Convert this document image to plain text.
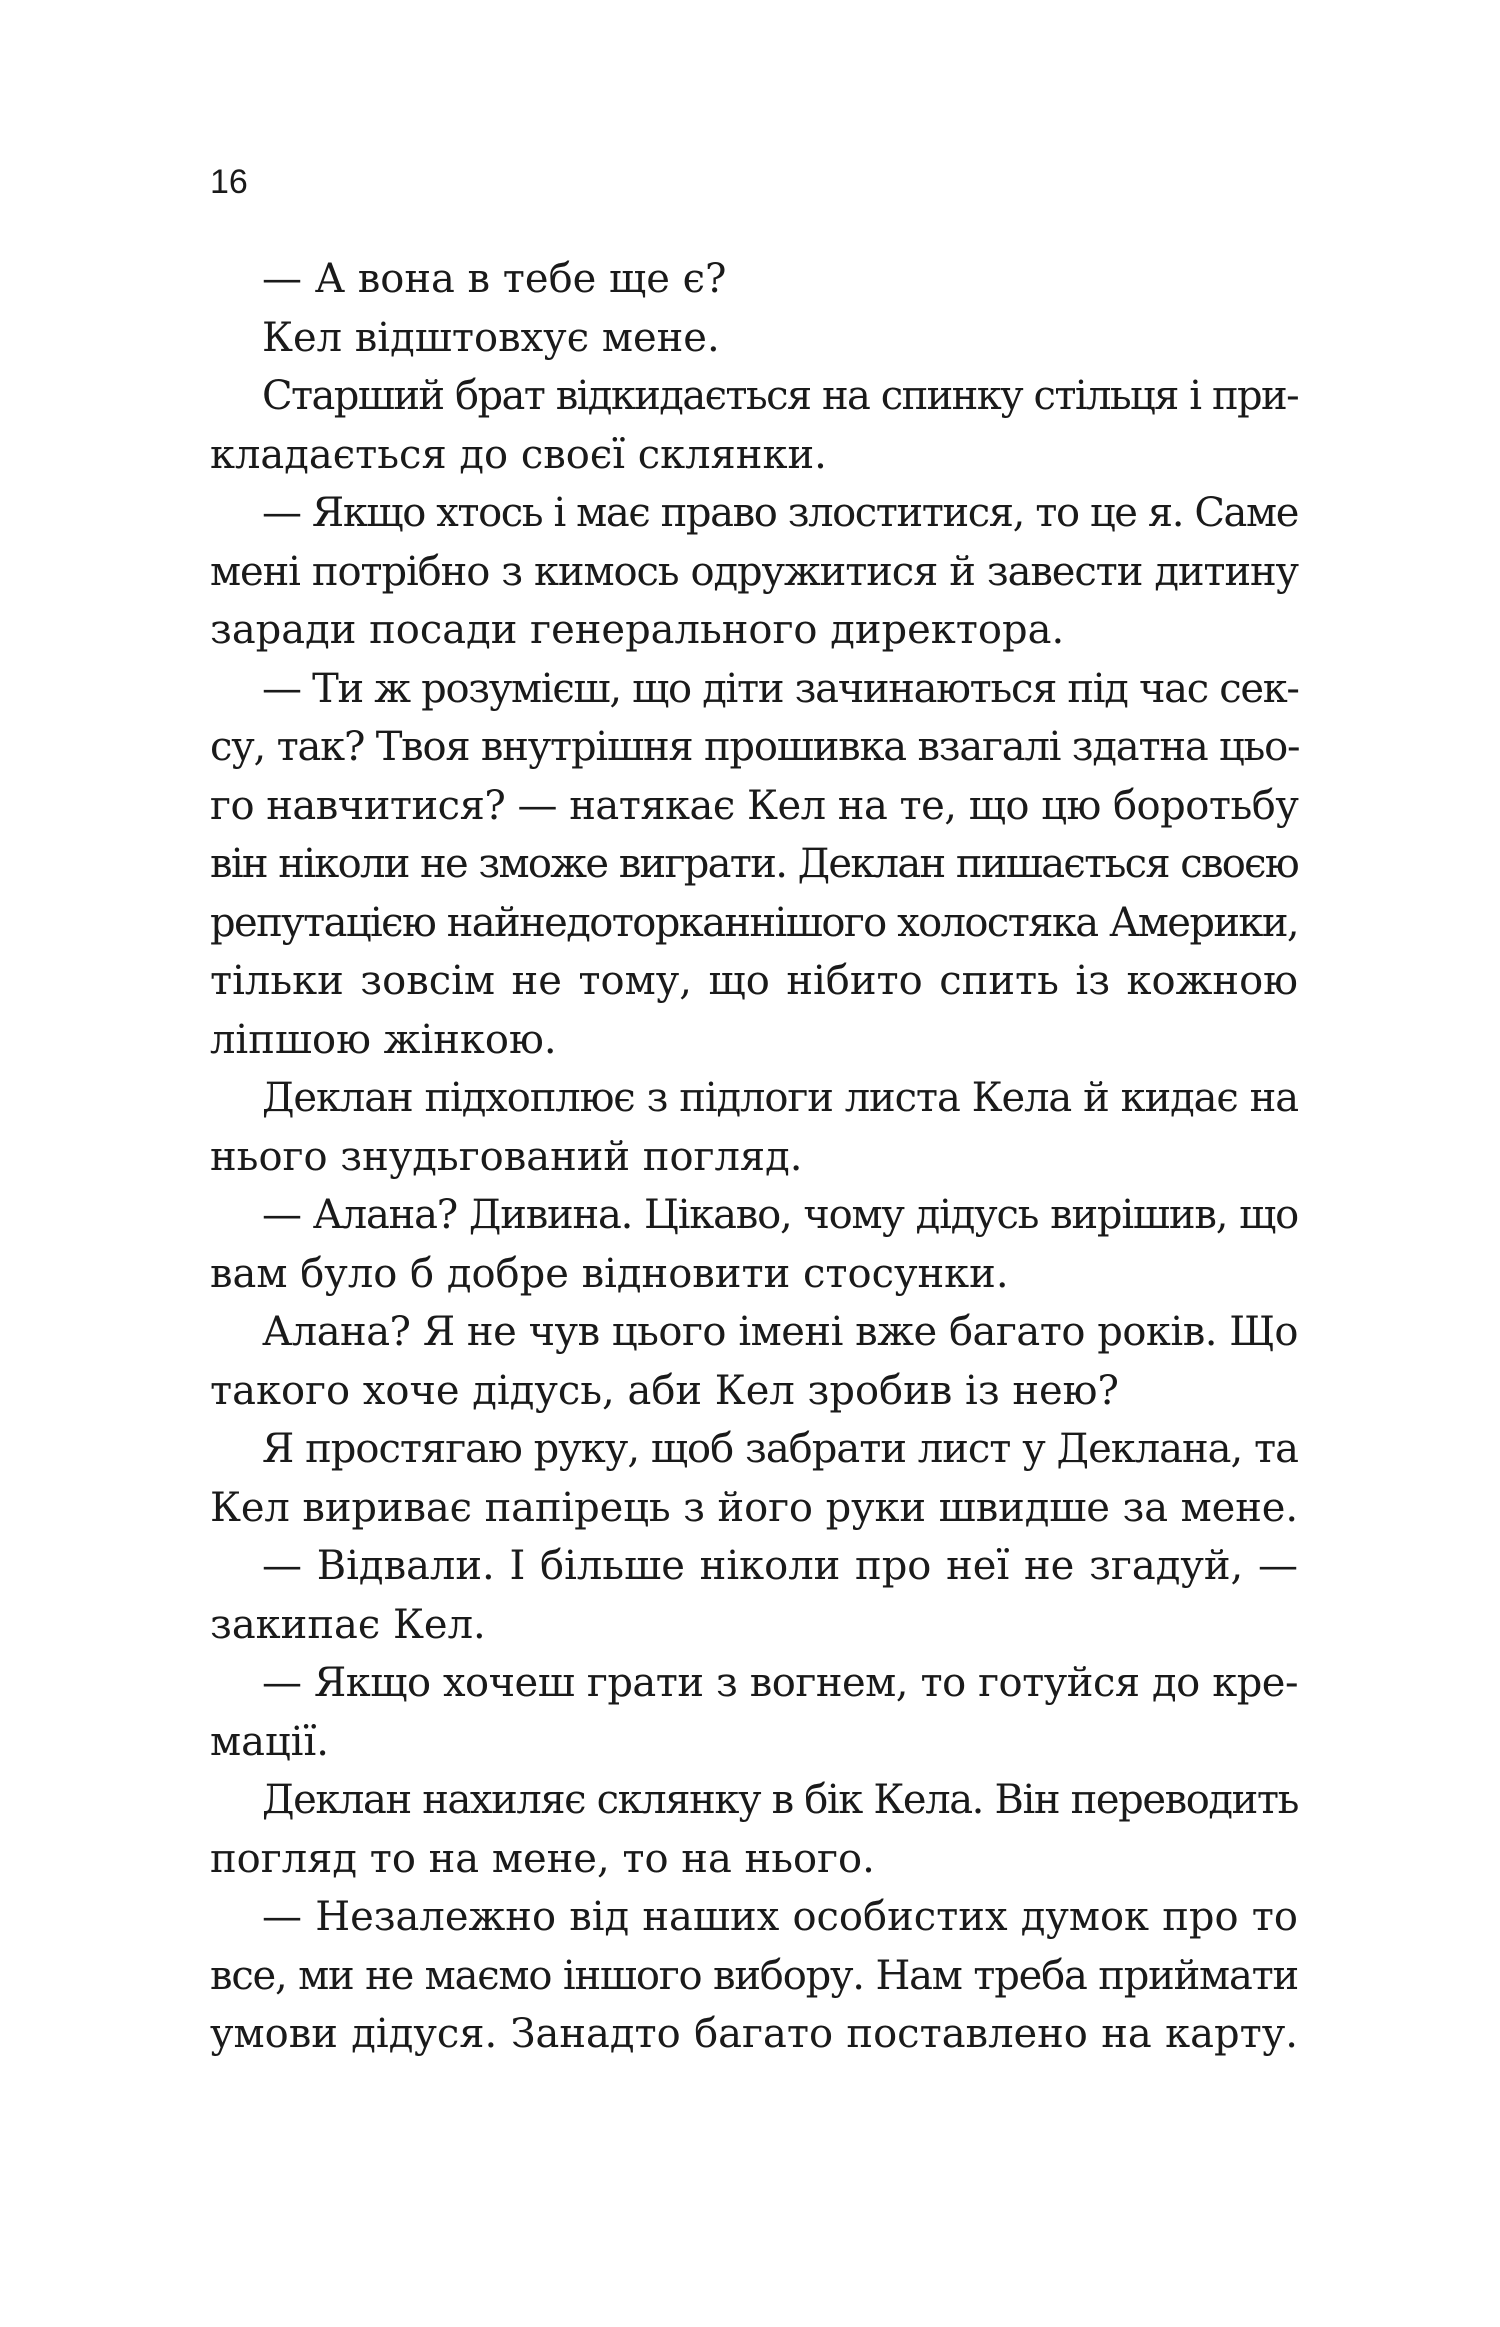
16
— А вона в тебе ще є?
Кел відштовхує мене.
Старший брат відкидається на спинку стільця і при-
кладається до своєї склянки.
— Якщо хтось і має право злоститися, то це я. Саме
мені потрібно з кимось одружитися й завести дитину
заради посади генерального директора.
— Ти ж розумієш, що діти зачинаються під час сек-
су, так? Твоя внутрішня прошивка взагалі здатна цьо-
го навчитися? — натякає Кел на те, що цю боротьбу
він ніколи не зможе виграти. Деклан пишається своєю
репутацією найнедоторканнішого холостяка Америки,
тільки зовсім не тому, що нібито спить із кожною
ліпшою жінкою.
Деклан підхоплює з підлоги листа Кела й кидає на
нього знудьгований погляд.
— Алана? Дивина. Цікаво, чому дідусь вирішив, що
вам було б добре відновити стосунки.
Алана? Я не чув цього імені вже багато років. Що
такого хоче дідусь, аби Кел зробив із нею?
Я простягаю руку, щоб забрати лист у Деклана, та
Кел вириває папірець з його руки швидше за мене.
— Відвали. І більше ніколи про неї не згадуй, —
закипає Кел.
— Якщо хочеш грати з вогнем, то готуйся до кре-
мації.
Деклан нахиляє склянку в бік Кела. Він переводить
погляд то на мене, то на нього.
— Незалежно від наших особистих думок про то
все, ми не маємо іншого вибору. Нам треба приймати
умови дідуся. Занадто багато поставлено на карту.
